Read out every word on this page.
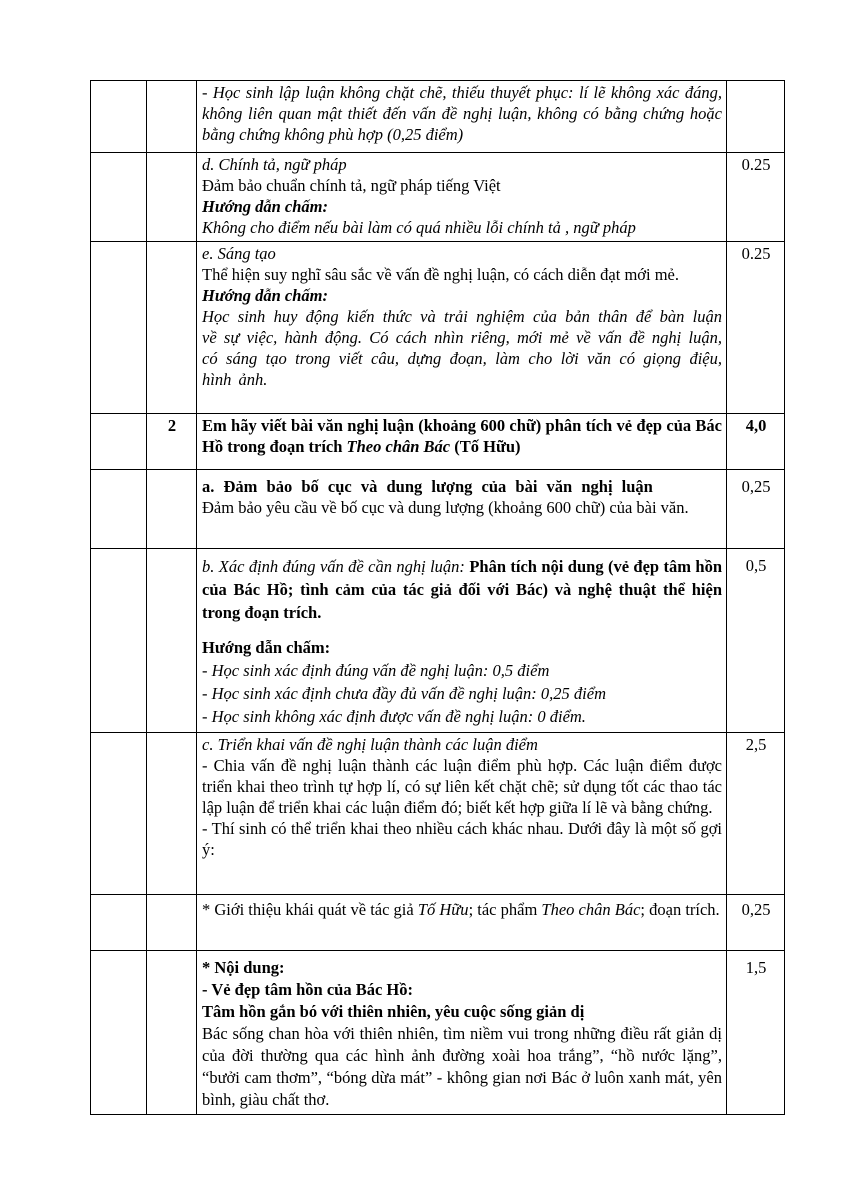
		- Học sinh lập luận không chặt chẽ, thiếu thuyết phục: lí lẽ không xác đáng, không liên quan mật thiết đến vấn đề nghị luận, không có bằng chứng hoặc bằng chứng không phù hợp (0,25 điểm)	

		d. Chính tả, ngữ pháp
Đảm bảo chuẩn chính tả, ngữ pháp tiếng Việt
Hướng dẫn chấm:
Không cho điểm nếu bài làm có quá nhiều lỗi chính tả , ngữ pháp	0.25

		e. Sáng tạo
Thể hiện suy nghĩ sâu sắc về vấn đề nghị luận, có cách diễn đạt mới mẻ.
Hướng dẫn chấm:
Học sinh huy động kiến thức và trải nghiệm của bản thân để bàn luận về sự việc, hành động. Có cách nhìn riêng, mới mẻ về vấn đề nghị luận, có sáng tạo trong viết câu, dựng đoạn, làm cho lời văn có giọng điệu, hình ảnh.	0.25
	2	Em hãy viết bài văn nghị luận (khoảng 600 chữ) phân tích vẻ đẹp của Bác Hồ trong đoạn trích Theo chân Bác (Tố Hữu)	4,0

		a. Đảm bảo bố cục và dung lượng của bài văn nghị luận
Đảm bảo yêu cầu về bố cục và dung lượng (khoảng 600 chữ) của bài văn.	0,25

		b. Xác định đúng vấn đề cần nghị luận: Phân tích nội dung (vẻ đẹp tâm hồn của Bác Hồ; tình cảm của tác giả đối với Bác) và nghệ thuật thể hiện trong đoạn trích.
Hướng dẫn chấm:
- Học sinh xác định đúng vấn đề nghị luận: 0,5 điểm
- Học sinh xác định chưa đầy đủ vấn đề nghị luận: 0,25 điểm
- Học sinh không xác định được vấn đề nghị luận: 0 điểm.	0,5

		c. Triển khai vấn đề nghị luận thành các luận điểm
- Chia vấn đề nghị luận thành các luận điểm phù hợp. Các luận điểm được triển khai theo trình tự hợp lí, có sự liên kết chặt chẽ; sử dụng tốt các thao tác lập luận để triển khai các luận điểm đó; biết kết hợp giữa lí lẽ và bằng chứng.
- Thí sinh có thể triển khai theo nhiều cách khác nhau. Dưới đây là một số gợi ý:	2,5
		* Giới thiệu khái quát về tác giả Tố Hữu; tác phẩm Theo chân Bác; đoạn trích.	0,25

		* Nội dung:
- Vẻ đẹp tâm hồn của Bác Hồ:
Tâm hồn gắn bó với thiên nhiên, yêu cuộc sống giản dị
Bác sống chan hòa với thiên nhiên, tìm niềm vui trong những điều rất giản dị của đời thường qua các hình ảnh đường xoài hoa trắng”, “hồ nước lặng”, “bưởi cam thơm”, “bóng dừa mát” - không gian nơi Bác ở luôn xanh mát, yên bình, giàu chất thơ.	1,5
